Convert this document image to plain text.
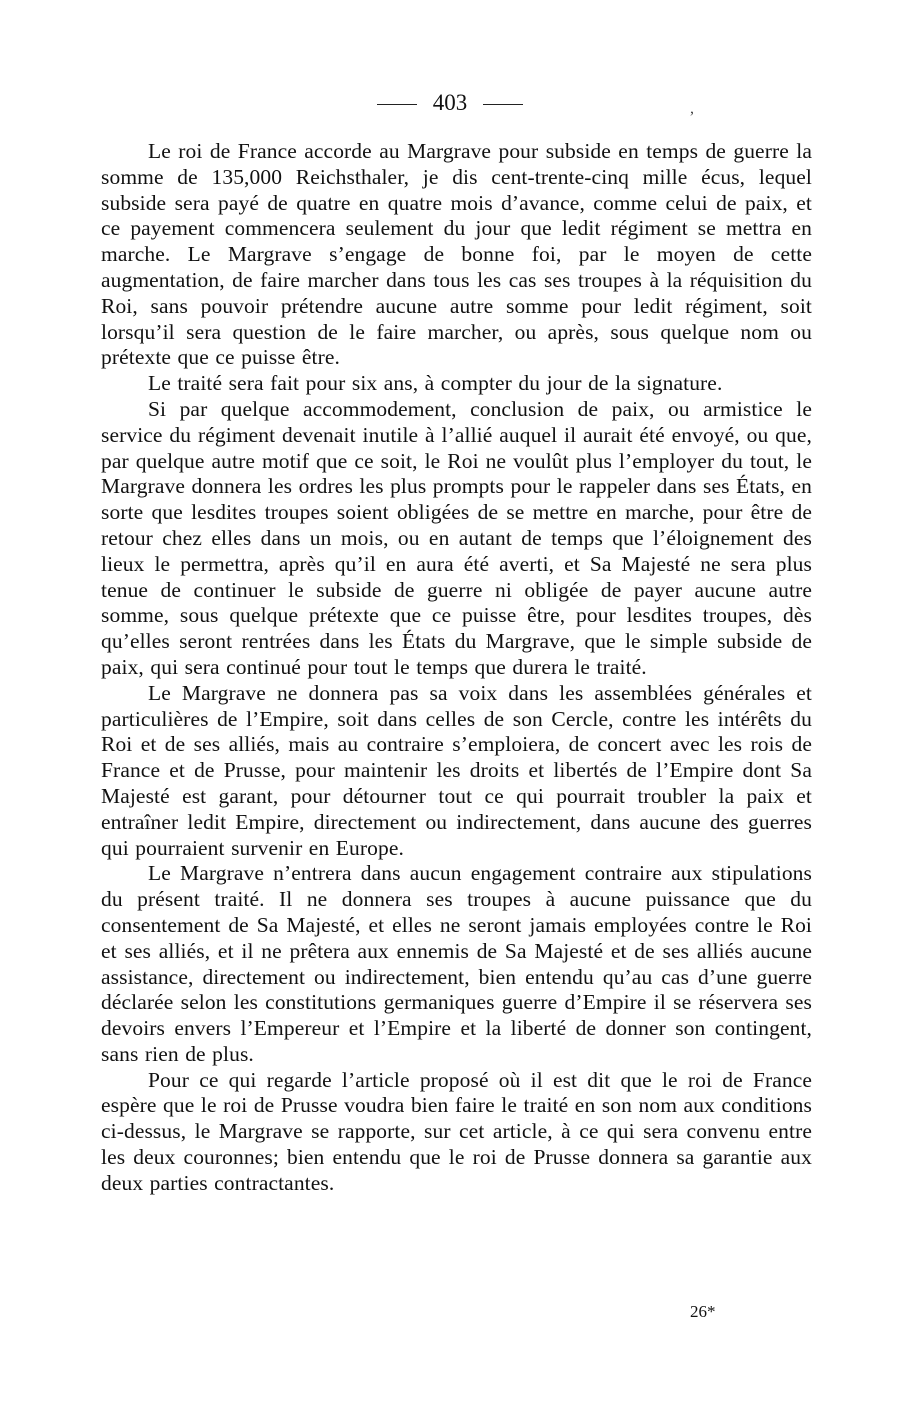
403	,

Le roi de France accorde au Margrave pour subside en temps de guerre la somme de 135,000 Reichsthaler, je dis cent-trente-cinq mille écus, lequel subside sera payé de quatre en quatre mois d’avance, comme celui de paix, et ce payement commencera seulement du jour que ledit régiment se mettra en marche. Le Margrave s’engage de bonne foi, par le moyen de cette augmentation, de faire marcher dans tous les cas ses troupes à la réquisition du Roi, sans pouvoir prétendre aucune autre somme pour ledit régiment, soit lorsqu’il sera question de le faire marcher, ou après, sous quelque nom ou prétexte que ce puisse être.

Le traité sera fait pour six ans, à compter du jour de la signature.

Si par quelque accommodement, conclusion de paix, ou armistice le service du régiment devenait inutile à l’allié auquel il aurait été envoyé, ou que, par quelque autre motif que ce soit, le Roi ne voulût plus l’employer du tout, le Margrave donnera les ordres les plus prompts pour le rappeler dans ses États, en sorte que lesdites troupes soient obligées de se mettre en marche, pour être de retour chez elles dans un mois, ou en autant de temps que l’éloignement des lieux le permettra, après qu’il en aura été averti, et Sa Majesté ne sera plus tenue de continuer le subside de guerre ni obligée de payer aucune autre somme, sous quelque prétexte que ce puisse être, pour lesdites troupes, dès qu’elles seront rentrées dans les États du Margrave, que le simple subside de paix, qui sera continué pour tout le temps que durera le traité.

Le Margrave ne donnera pas sa voix dans les assemblées générales et particulières de l’Empire, soit dans celles de son Cercle, contre les intérêts du Roi et de ses alliés, mais au contraire s’emploiera, de concert avec les rois de France et de Prusse, pour maintenir les droits et libertés de l’Empire dont Sa Majesté est garant, pour détourner tout ce qui pourrait troubler la paix et entraîner ledit Empire, directement ou indirectement, dans aucune des guerres qui pourraient survenir en Europe.

Le Margrave n’entrera dans aucun engagement contraire aux stipulations du présent traité. Il ne donnera ses troupes à aucune puissance que du consentement de Sa Majesté, et elles ne seront jamais employées contre le Roi et ses alliés, et il ne prêtera aux ennemis de Sa Majesté et de ses alliés aucune assistance, directement ou indirectement, bien entendu qu’au cas d’une guerre déclarée selon les constitutions germaniques guerre d’Empire il se réservera ses devoirs envers l’Empereur et l’Empire et la liberté de donner son contingent, sans rien de plus.

Pour ce qui regarde l’article proposé où il est dit que le roi de France espère que le roi de Prusse voudra bien faire le traité en son nom aux conditions ci-dessus, le Margrave se rapporte, sur cet article, à ce qui sera convenu entre les deux couronnes; bien entendu que le roi de Prusse donnera sa garantie aux deux parties contractantes.

26*
